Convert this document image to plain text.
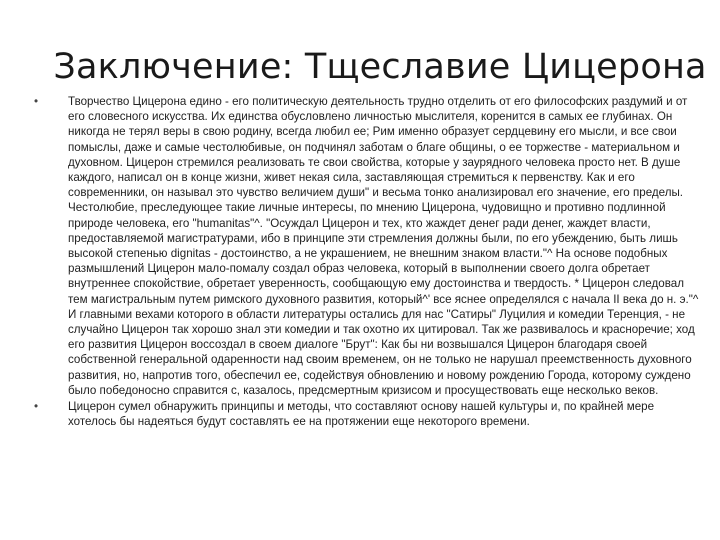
Заключение: Тщеславие Цицерона
•	Творчество Цицерона едино - его политическую деятельность трудно отделить от его философских раздумий и от его словесного искусства. Их единства обусловлено личностью мыслителя, коренится в самых ее глубинах. Он никогда не терял веры в свою родину, всегда любил ее; Рим именно образует сердцевину его мысли, и все свои помыслы, даже и самые честолюбивые, он подчинял заботам о благе общины, о ее торжестве - материальном и духовном. Цицерон стремился реализовать те свои свойства, которые у заурядного человека просто нет. В душе каждого, написал он в конце жизни, живет некая сила, заставляющая стремиться к первенству. Как и его современники, он называл это чувство величием души" и весьма тонко анализировал его значение, его пределы. Честолюбие, преследующее такие личные интересы, по мнению Цицерона, чудовищно и противно подлинной природе человека, его "humanitas"^. "Осуждал Цицерон и тех, кто жаждет денег ради денег, жаждет власти, предоставляемой магистратурами, ибо в принципе эти стремления должны были, по его убеждению, быть лишь высокой степенью dignitas - достоинство, а не украшением, не внешним знаком власти."^ На основе подобных размышлений Цицерон мало-помалу создал образ человека, который в выполнении своего долга обретает внутреннее спокойствие, обретает уверенность, сообщающую ему достоинства и твердость. * Цицерон следовал тем магистральным путем римского духовного развития, который^' все яснее определялся с начала II века до н. э."^ И главными вехами которого в области литературы остались для нас "Сатиры" Луцилия и комедии Теренция, - не случайно Цицерон так хорошо знал эти комедии и так охотно их цитировал. Так же развивалось и красноречие; ход его развития Цицерон воссоздал в своем диалоге "Брут": Как бы ни возвышался Цицерон благодаря своей собственной генеральной одаренности над своим временем, он не только не нарушал преемственность духовного развития, но, напротив того, обеспечил ее, содействуя обновлению и новому рождению Города, которому суждено было победоносно справится с, казалось, предсмертным кризисом и просуществовать еще несколько веков.
•	Цицерон сумел обнаружить принципы и методы, что составляют основу нашей культуры и, по крайней мере хотелось бы надеяться будут составлять ее на протяжении еще некоторого времени.
